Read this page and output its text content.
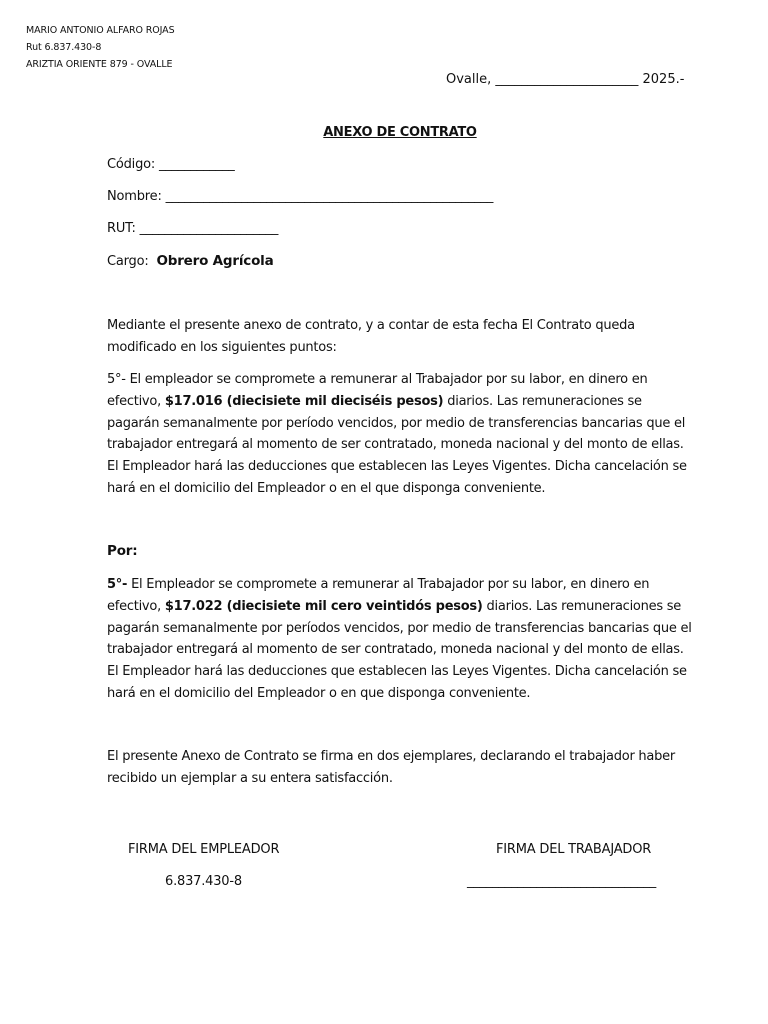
MARIO ANTONIO ALFARO ROJAS
Rut 6.837.430-8
ARIZTIA ORIENTE 879 - OVALLE
Ovalle, ______________________ 2025.-
ANEXO DE CONTRATO
Código: ____________
Nombre: ____________________________________________________
RUT: ______________________
Cargo: Obrero Agrícola
Mediante el presente anexo de contrato, y a contar de esta fecha El Contrato queda modificado en los siguientes puntos:
5°- El empleador se compromete a remunerar al Trabajador por su labor, en dinero en efectivo, $17.016 (diecisiete mil dieciséis pesos) diarios. Las remuneraciones se pagarán semanalmente por período vencidos, por medio de transferencias bancarias que el trabajador entregará al momento de ser contratado, moneda nacional y del monto de ellas. El Empleador hará las deducciones que establecen las Leyes Vigentes. Dicha cancelación se hará en el domicilio del Empleador o en el que disponga conveniente.
Por:
5°- El Empleador se compromete a remunerar al Trabajador por su labor, en dinero en efectivo, $17.022 (diecisiete mil cero veintidós pesos) diarios. Las remuneraciones se pagarán semanalmente por períodos vencidos, por medio de transferencias bancarias que el trabajador entregará al momento de ser contratado, moneda nacional y del monto de ellas. El Empleador hará las deducciones que establecen las Leyes Vigentes. Dicha cancelación se hará en el domicilio del Empleador o en que disponga conveniente.
El presente Anexo de Contrato se firma en dos ejemplares, declarando el trabajador haber recibido un ejemplar a su entera satisfacción.
FIRMA DEL EMPLEADOR
6.837.430-8
FIRMA DEL TRABAJADOR
______________________________
